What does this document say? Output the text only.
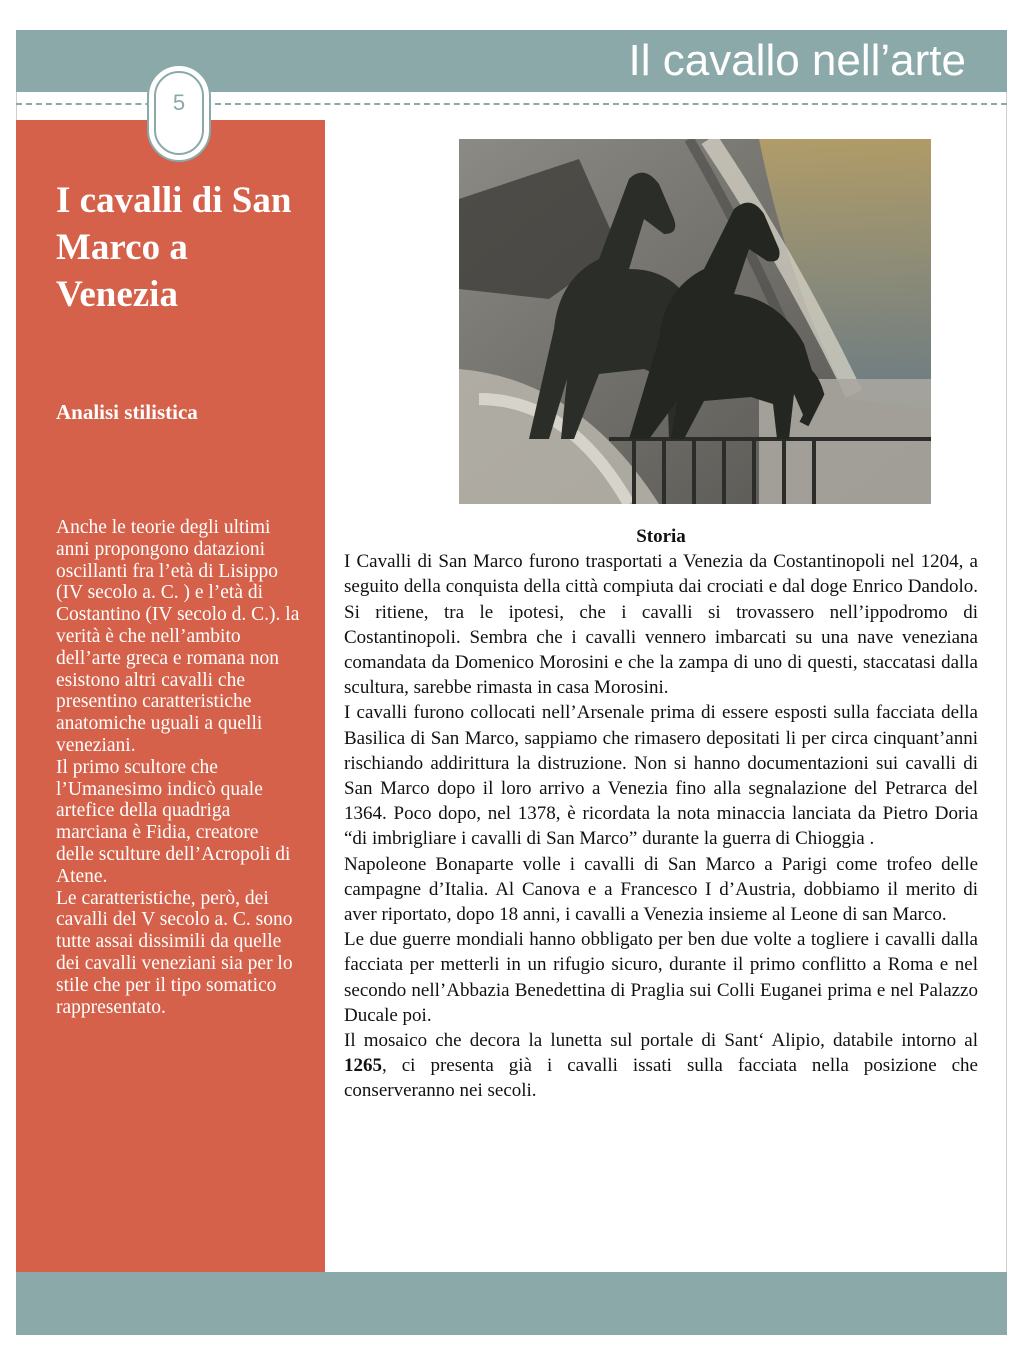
Il cavallo nell’arte
5
I cavalli di San Marco a Venezia
Analisi stilistica

Anche le teorie degli ultimi anni propongono datazioni oscillanti fra l’età di Lisippo (IV secolo a. C. ) e l’età di Costantino (IV secolo d. C.). la verità è che nell’ambito dell’arte greca e romana non esistono altri cavalli che presentino caratteristiche anatomiche uguali a quelli veneziani.

Il primo scultore che l’Umanesimo indicò quale artefice della quadriga marciana è Fidia, creatore delle sculture dell’Acropoli di Atene.

Le caratteristiche, però, dei cavalli del V secolo a. C. sono tutte assai dissimili da quelle dei cavalli veneziani sia per lo stile che per il tipo somatico rappresentato.

Storia

I Cavalli di San Marco furono trasportati a Venezia da Costantinopoli nel 1204, a seguito della conquista della città compiuta dai crociati e dal doge Enrico Dandolo. Si ritiene, tra le ipotesi, che i cavalli si trovassero nell’ippodromo di Costantinopoli. Sembra che i cavalli vennero imbarcati su una nave veneziana comandata da Domenico Morosini e che la zampa di uno di questi, staccatasi dalla scultura, sarebbe rimasta in casa Morosini.

I cavalli furono collocati nell’Arsenale prima di essere esposti sulla facciata della Basilica di San Marco, sappiamo che rimasero depositati li per circa cinquant’anni rischiando addirittura la distruzione. Non si hanno documentazioni sui cavalli di San Marco dopo il loro arrivo a Venezia fino alla segnalazione del Petrarca del 1364. Poco dopo, nel 1378, è ricordata la nota minaccia lanciata da Pietro Doria “di imbrigliare i cavalli di San Marco” durante la guerra di Chioggia .

Napoleone Bonaparte volle i cavalli di San Marco a Parigi come trofeo delle campagne d’Italia. Al Canova e a Francesco I d’Austria, dobbiamo il merito di aver riportato, dopo 18 anni, i cavalli a Venezia insieme al Leone di san Marco.

Le due guerre mondiali hanno obbligato per ben due volte a togliere i cavalli dalla facciata per metterli in un rifugio sicuro, durante il primo conflitto a Roma e nel secondo nell’Abbazia Benedettina di Praglia sui Colli Euganei prima e nel Palazzo Ducale poi.

Il mosaico che decora la lunetta sul portale di Sant‘ Alipio, databile intorno al 1265, ci presenta già i cavalli issati sulla facciata nella posizione che conserveranno nei secoli.
